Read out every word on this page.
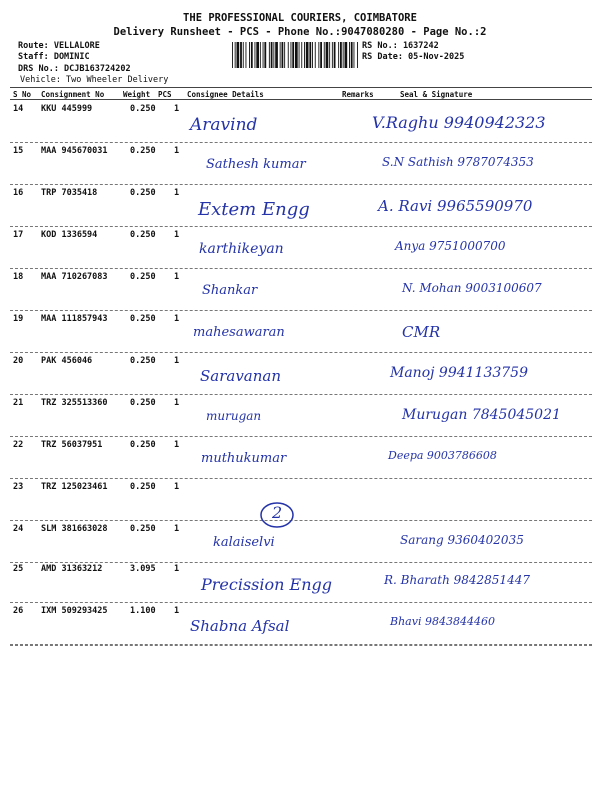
THE PROFESSIONAL COURIERS, COIMBATORE
Delivery Runsheet - PCS - Phone No.:9047080280 - Page No.:2
Route: VELLALORE
Staff: DOMINIC
DRS No.: DCJB163724202
Vehicle: Two Wheeler Delivery
RS No.: 1637242
RS Date: 05-Nov-2025
S No Consignment No	Weight PCS Consignee Details	Remarks	Seal & Signature
14 KKU 445999	0.250 1
Aravind	V.Raghu 9940942323
15 MAA 945670031	0.250 1
Sathesh kumar	S.N Sathish 9787074353
16 TRP 7035418	0.250 1
Extem Engg	A. Ravi 9965590970
17 KOD 1336594	0.250 1
karthikeyan	Anya 9751000700
18 MAA 710267083	0.250 1
Shankar	N. Mohan 9003100607
19 MAA 111857943	0.250 1
mahesawaran	CMR
20 PAK 456046	0.250 1
Saravanan	Manoj 9941133759
21 TRZ 325513360	0.250 1
murugan	Murugan 7845045021
22 TRZ 56037951	0.250 1
muthukumar	Deepa 9003786608
23 TRZ 125023461	0.250 1
24 SLM 381663028	0.250 1
kalaiselvi	Sarang 9360402035
25 AMD 31363212	3.095 1
Precission Engg	R. Bharath 9842851447
26 IXM 509293425	1.100 1
Shabna Afsal	Bhavi 9843844460
2
